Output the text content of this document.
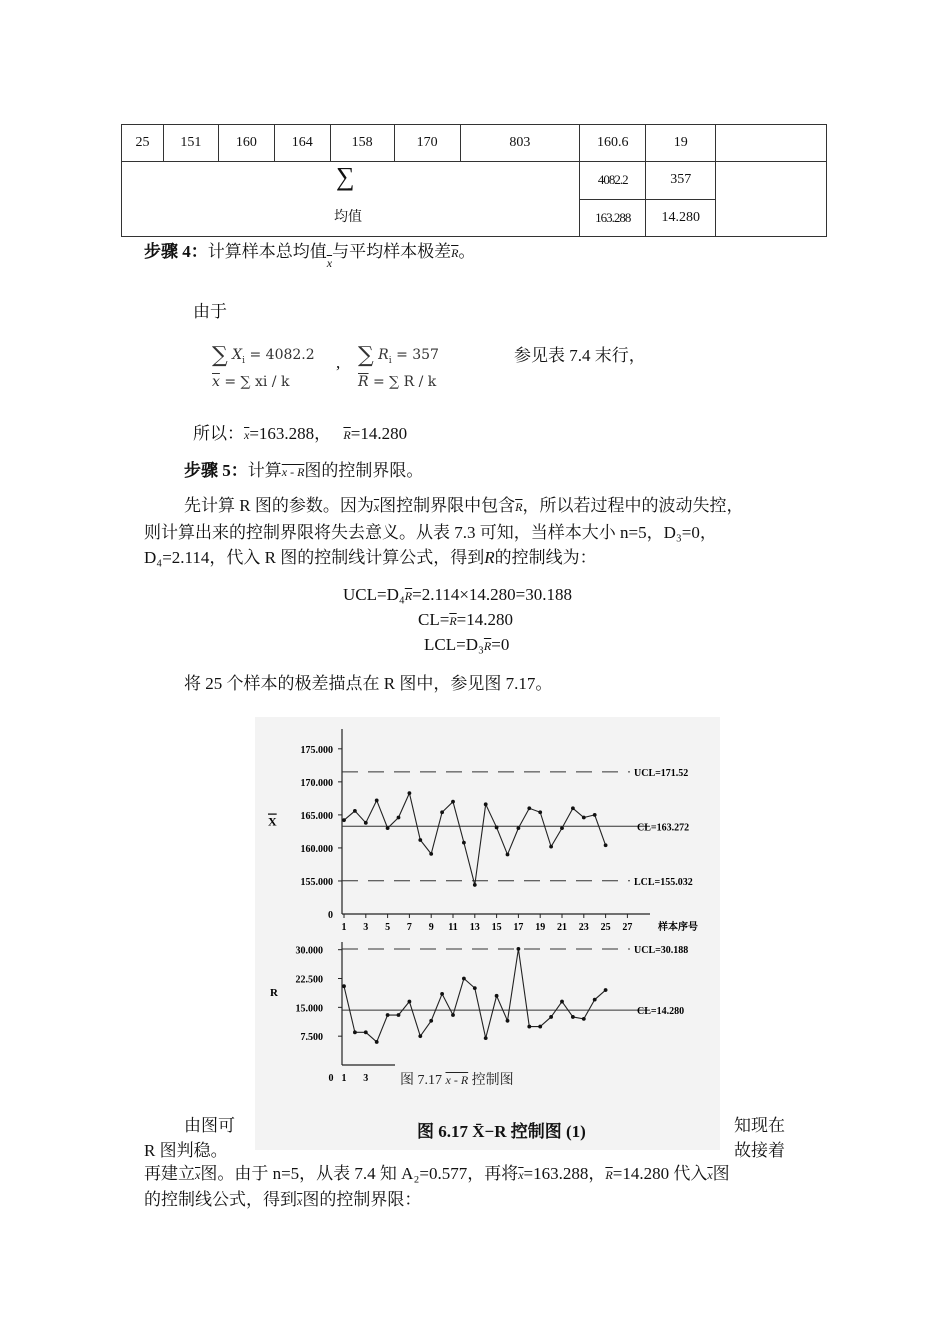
25	151	160	164	158	170	803	160.6	19	

∑
均值							4082.2	357	
							163.288	14.280	
步骤 4：计算样本总均值$_{\overline{x}}$与平均样本极差$\overline{R}$。
由于
∑ $X_i = 4082.2$ , ∑ $R_i = 357$	参见表 7.4 末行，
$\overline{x}$ = ∑ xi / k	$\overline{R}$ = ∑ R / k
所以：$\overline{x}=163.288$， $\overline{R}=14.280$
步骤 5：计算x - R图的控制界限。
先计算 R 图的参数。因为$\overline{x}$图控制界限中包含$\overline{R}$，所以若过程中的波动失控，
则计算出来的控制界限将失去意义。从表 7.3 可知，当样本大小 n=5，D₃=0，
D₄=2.114，代入 R 图的控制线计算公式，得到R的控制线为：
$UCL=D_4\overline{R}=2.114\times 14.280=30.188$
$CL=\overline{R}=14.280$
$LCL=D_3\overline{R}=0$
将 25 个样本的极差描点在 R 图中，参见图 7.17。
175.000
170.000
165.000
160.000
155.000
0
1 3 5 7 9 11 13 15 17 19 21 23 25 27	样本序号
X
UCL=171.52
CL=163.272
LCL=155.032
30.000
22.500
15.000
7.500
0 1 3
R
UCL=30.188
CL=14.280
图 7.17 x - R 控制图
图 6.17 X̄−R 控制图 (1)
由图可	知现在
R 图判稳。	故接着
再建立$\overline{x}$图。由于 n=5，从表 7.4 知 A₂=0.577，再将$\overline{x}=163.288$，$\overline{R}=14.280$ 代入$\overline{x}$图
的控制线公式，得到$\overline{x}$图的控制界限：
